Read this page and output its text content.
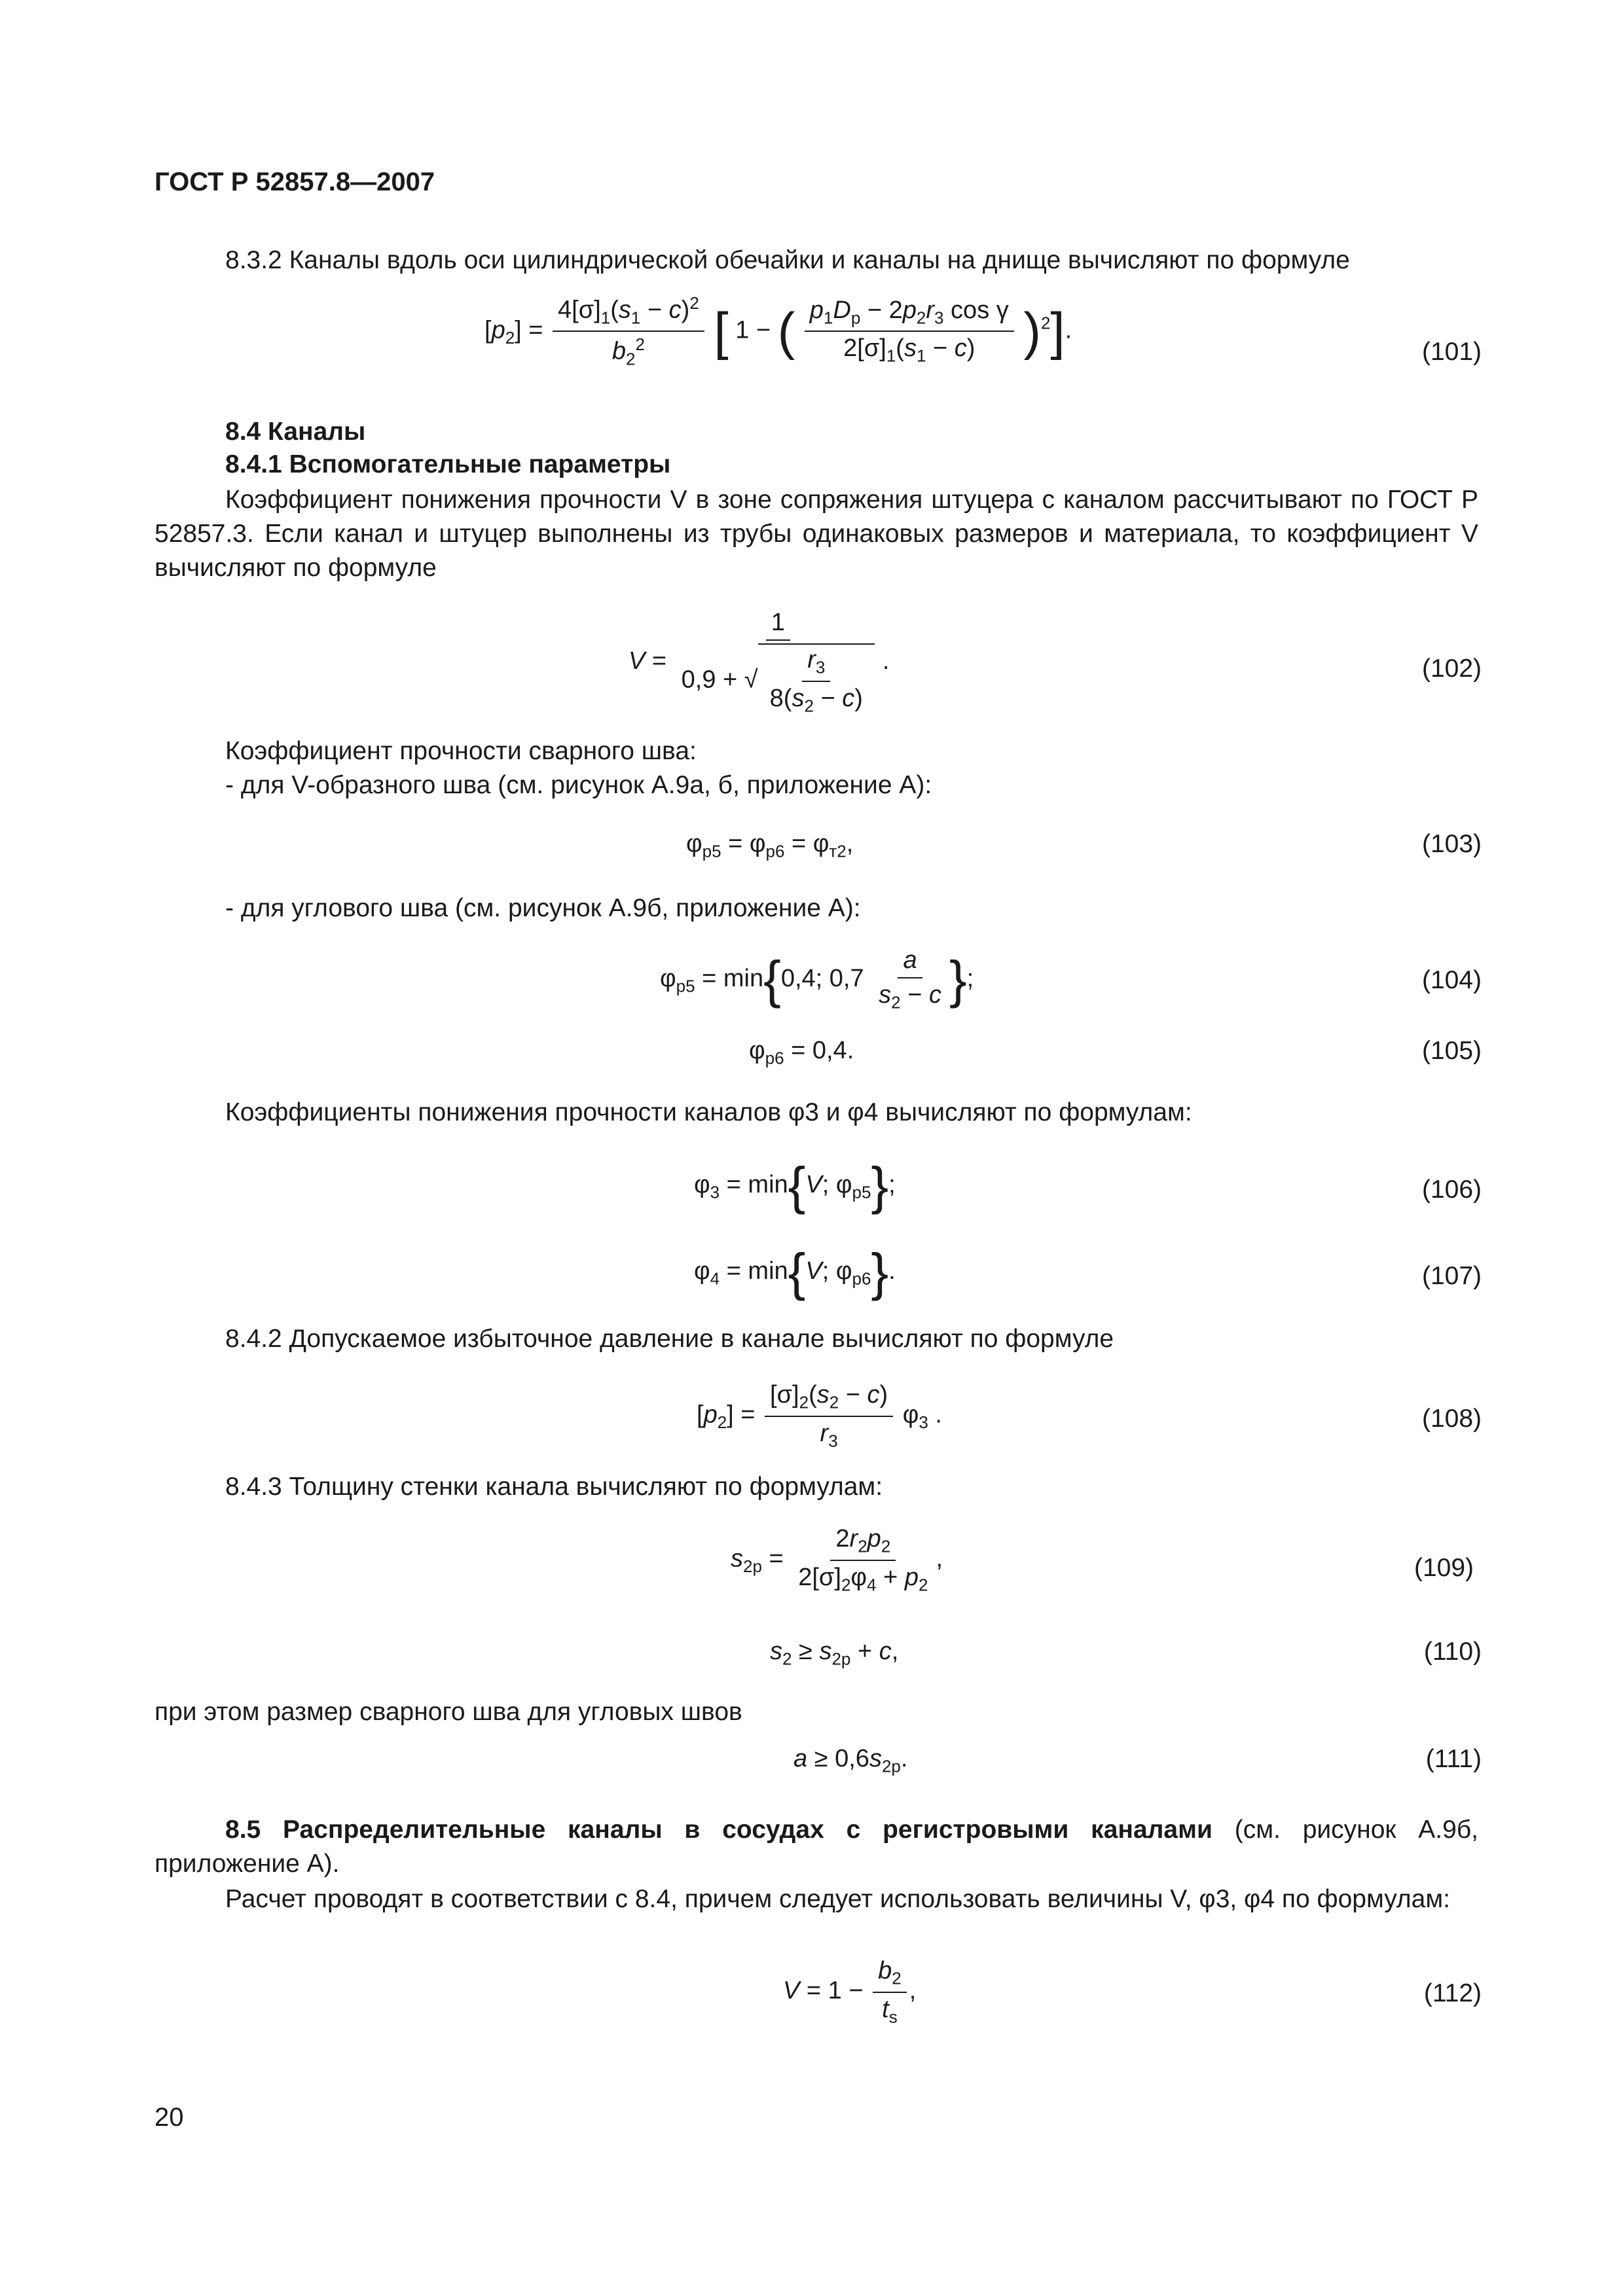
ГОСТ Р 52857.8—2007
8.3.2 Каналы вдоль оси цилиндрической обечайки и каналы на днище вычисляют по формуле
$[p_2] = \frac{4[\sigma]_1(s_1 - c)^2}{b_2^2}$ [ 1 − ( $\frac{p_1D_p - 2p_2r_3 \cos \gamma}{2[\sigma]_1(s_1 - c)} )^2$].
(101)
8.4 Каналы
8.4.1 Вспомогательные параметры
Коэффициент понижения прочности V в зоне сопряжения штуцера с каналом рассчитывают по ГОСТ Р 52857.3. Если канал и штуцер выполнены из трубы одинаковых размеров и материала, то коэффициент V вычисляют по формуле
$V = \frac{1}{0,9 + √ \frac{r_3}{8(s_2 - c)}}$ .	(102)
Коэффициент прочности сварного шва:
- для V-образного шва (см. рисунок А.9а, б, приложение А):
$\varphi_{p5} = \varphi_{p6} = \varphi_{т2}$,	(103)
- для углового шва (см. рисунок А.9б, приложение А):
$\varphi_{p5} = \min\{0,4$; $0,7 \frac{a}{s_2 - c}$ };	(104)
$\varphi_{p6} = 0,4$.	(105)
Коэффициенты понижения прочности каналов φ3 и φ4 вычисляют по формулам:
$\varphi_3 = \min\{V$; $\varphi_{p5}$};	(106)
$\varphi_4 = \min\{V$; $\varphi_{p6}$}.	(107)
8.4.2 Допускаемое избыточное давление в канале вычисляют по формуле
$[p_2] = \frac{[\sigma]_2(s_2 - c)}{r_3} \varphi_3$ .	(108)
8.4.3 Толщину стенки канала вычисляют по формулам:
$s_{2p} = \frac{2r_2p_2}{2[\sigma]_2\varphi_4 + p_2}$ ,	(109)
$s_2 \ge s_{2p} + c$,	(110)
при этом размер сварного шва для угловых швов
$a \ge 0,6s_{2p}$.	(111)
8.5 Распределительные каналы в сосудах с регистровыми каналами (см. рисунок А.9б, приложение А).
Расчет проводят в соответствии с 8.4, причем следует использовать величины V, φ3, φ4 по формулам:
$V = 1 - \frac{b_2}{t_s}$ ,	(112)
20
